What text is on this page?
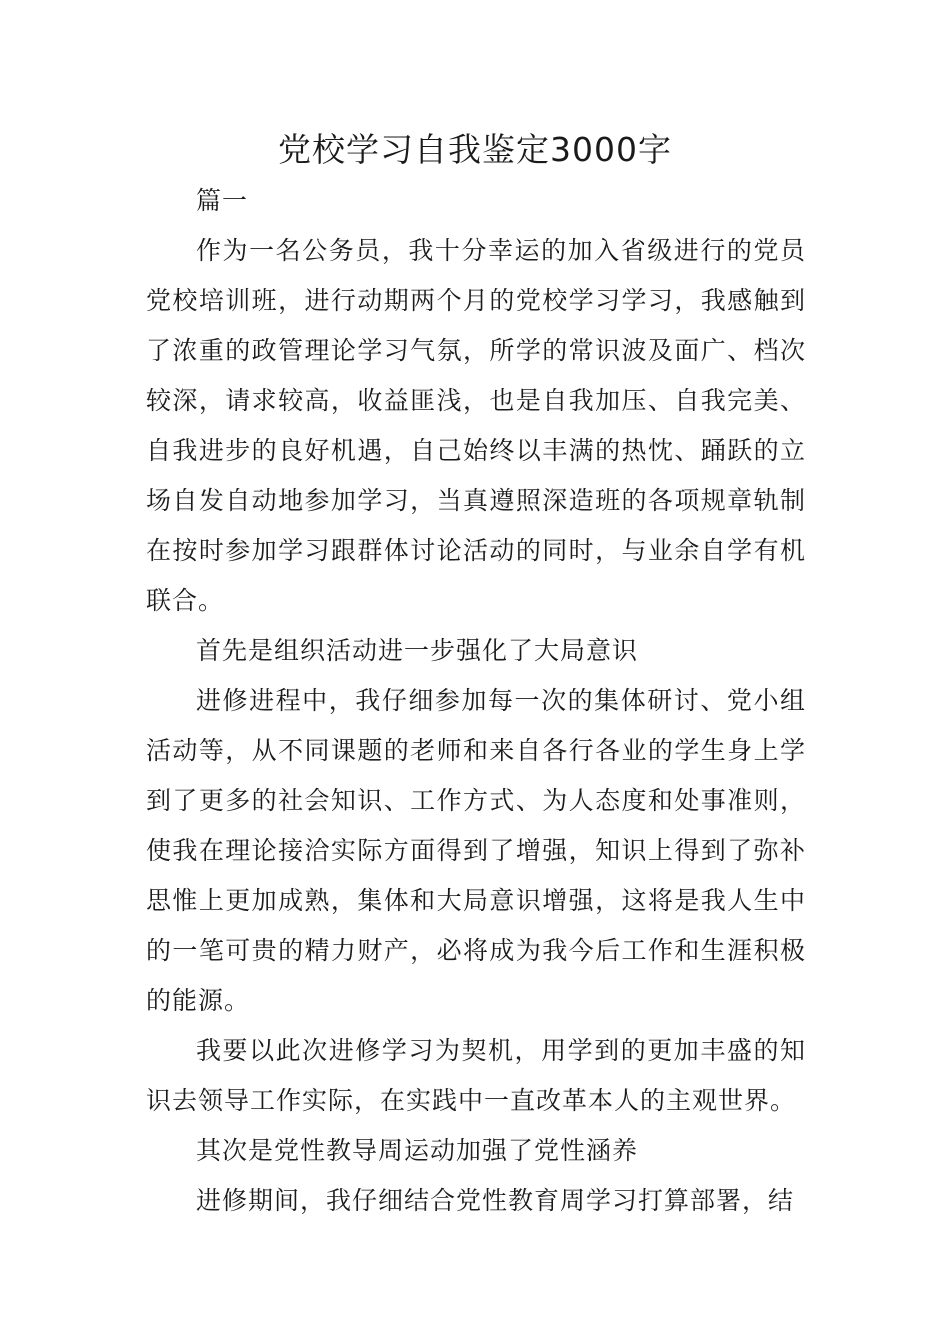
党校学习自我鉴定3000字

篇一

作为一名公务员，我十分幸运的加入省级进行的党员党校培训班，进行动期两个月的党校学习学习，我感触到了浓重的政管理论学习气氛，所学的常识波及面广、档次较深，请求较高，收益匪浅，也是自我加压、自我完美、自我进步的良好机遇，自己始终以丰满的热忱、踊跃的立场自发自动地参加学习，当真遵照深造班的各项规章轨制在按时参加学习跟群体讨论活动的同时，与业余自学有机联合。

首先是组织活动进一步强化了大局意识

进修进程中，我仔细参加每一次的集体研讨、党小组活动等，从不同课题的老师和来自各行各业的学生身上学到了更多的社会知识、工作方式、为人态度和处事准则，使我在理论接洽实际方面得到了增强，知识上得到了弥补思惟上更加成熟，集体和大局意识增强，这将是我人生中的一笔可贵的精力财产，必将成为我今后工作和生涯积极的能源。

我要以此次进修学习为契机，用学到的更加丰盛的知识去领导工作实际，在实践中一直改革本人的主观世界。

其次是党性教导周运动加强了党性涵养

进修期间，我仔细结合党性教育周学习打算部署，结
